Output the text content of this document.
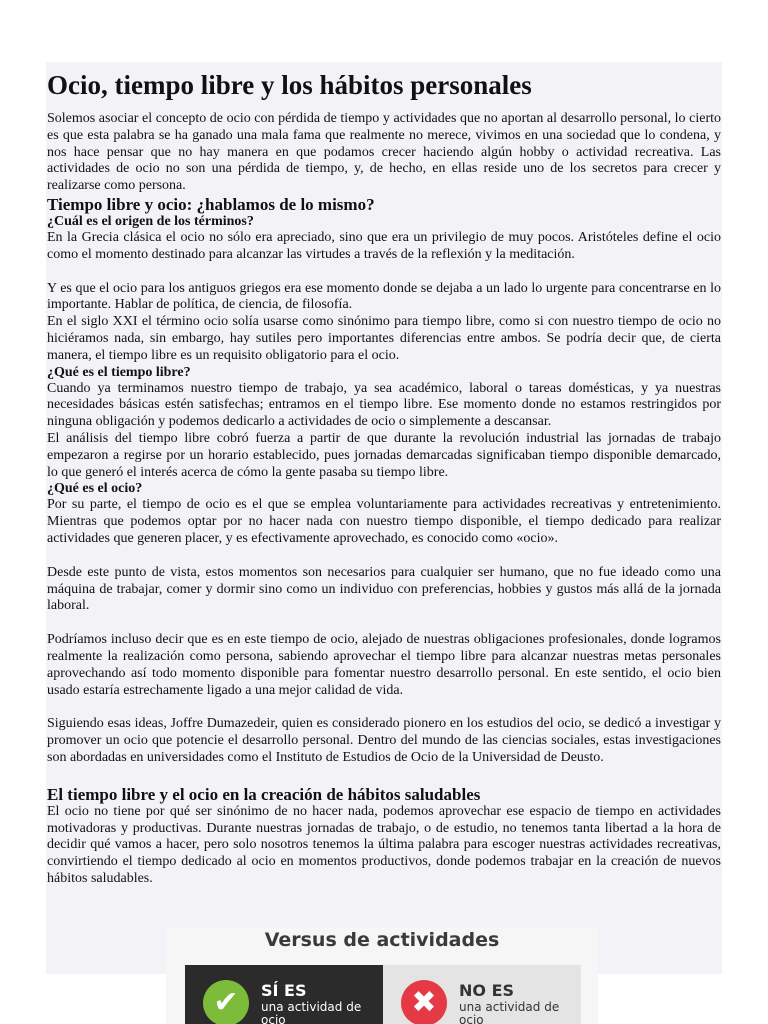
Ocio, tiempo libre y los hábitos personales

Solemos asociar el concepto de ocio con pérdida de tiempo y actividades que no aportan al desarrollo personal, lo cierto es que esta palabra se ha ganado una mala fama que realmente no merece, vivimos en una sociedad que lo condena, y nos hace pensar que no hay manera en que podamos crecer haciendo algún hobby o actividad recreativa. Las actividades de ocio no son una pérdida de tiempo, y, de hecho, en ellas reside uno de los secretos para crecer y realizarse como persona.

Tiempo libre y ocio: ¿hablamos de lo mismo?
¿Cuál es el origen de los términos?

En la Grecia clásica el ocio no sólo era apreciado, sino que era un privilegio de muy pocos. Aristóteles define el ocio como el momento destinado para alcanzar las virtudes a través de la reflexión y la meditación.

Y es que el ocio para los antiguos griegos era ese momento donde se dejaba a un lado lo urgente para concentrarse en lo importante. Hablar de política, de ciencia, de filosofía.

En el siglo XXI el término ocio solía usarse como sinónimo para tiempo libre, como si con nuestro tiempo de ocio no hiciéramos nada, sin embargo, hay sutiles pero importantes diferencias entre ambos. Se podría decir que, de cierta manera, el tiempo libre es un requisito obligatorio para el ocio.

¿Qué es el tiempo libre?

Cuando ya terminamos nuestro tiempo de trabajo, ya sea académico, laboral o tareas domésticas, y ya nuestras necesidades básicas estén satisfechas; entramos en el tiempo libre. Ese momento donde no estamos restringidos por ninguna obligación y podemos dedicarlo a actividades de ocio o simplemente a descansar.

El análisis del tiempo libre cobró fuerza a partir de que durante la revolución industrial las jornadas de trabajo empezaron a regirse por un horario establecido, pues jornadas demarcadas significaban tiempo disponible demarcado, lo que generó el interés acerca de cómo la gente pasaba su tiempo libre.

¿Qué es el ocio?

Por su parte, el tiempo de ocio es el que se emplea voluntariamente para actividades recreativas y entretenimiento. Mientras que podemos optar por no hacer nada con nuestro tiempo disponible, el tiempo dedicado para realizar actividades que generen placer, y es efectivamente aprovechado, es conocido como «ocio».

Desde este punto de vista, estos momentos son necesarios para cualquier ser humano, que no fue ideado como una máquina de trabajar, comer y dormir sino como un individuo con preferencias, hobbies y gustos más allá de la jornada laboral.

Podríamos incluso decir que es en este tiempo de ocio, alejado de nuestras obligaciones profesionales, donde logramos realmente la realización como persona, sabiendo aprovechar el tiempo libre para alcanzar nuestras metas personales aprovechando así todo momento disponible para fomentar nuestro desarrollo personal. En este sentido, el ocio bien usado estaría estrechamente ligado a una mejor calidad de vida.

Siguiendo esas ideas, Joffre Dumazedeir, quien es considerado pionero en los estudios del ocio, se dedicó a investigar y promover un ocio que potencie el desarrollo personal. Dentro del mundo de las ciencias sociales, estas investigaciones son abordadas en universidades como el Instituto de Estudios de Ocio de la Universidad de Deusto.

El tiempo libre y el ocio en la creación de hábitos saludables

El ocio no tiene por qué ser sinónimo de no hacer nada, podemos aprovechar ese espacio de tiempo en actividades motivadoras y productivas. Durante nuestras jornadas de trabajo, o de estudio, no tenemos tanta libertad a la hora de decidir qué vamos a hacer, pero solo nosotros tenemos la última palabra para escoger nuestras actividades recreativas, convirtiendo el tiempo dedicado al ocio en momentos productivos, donde podemos trabajar en la creación de nuevos hábitos saludables.

Versus de actividades
✔	SÍ ES
una actividad de ocio	✖	NO ES
una actividad de ocio
